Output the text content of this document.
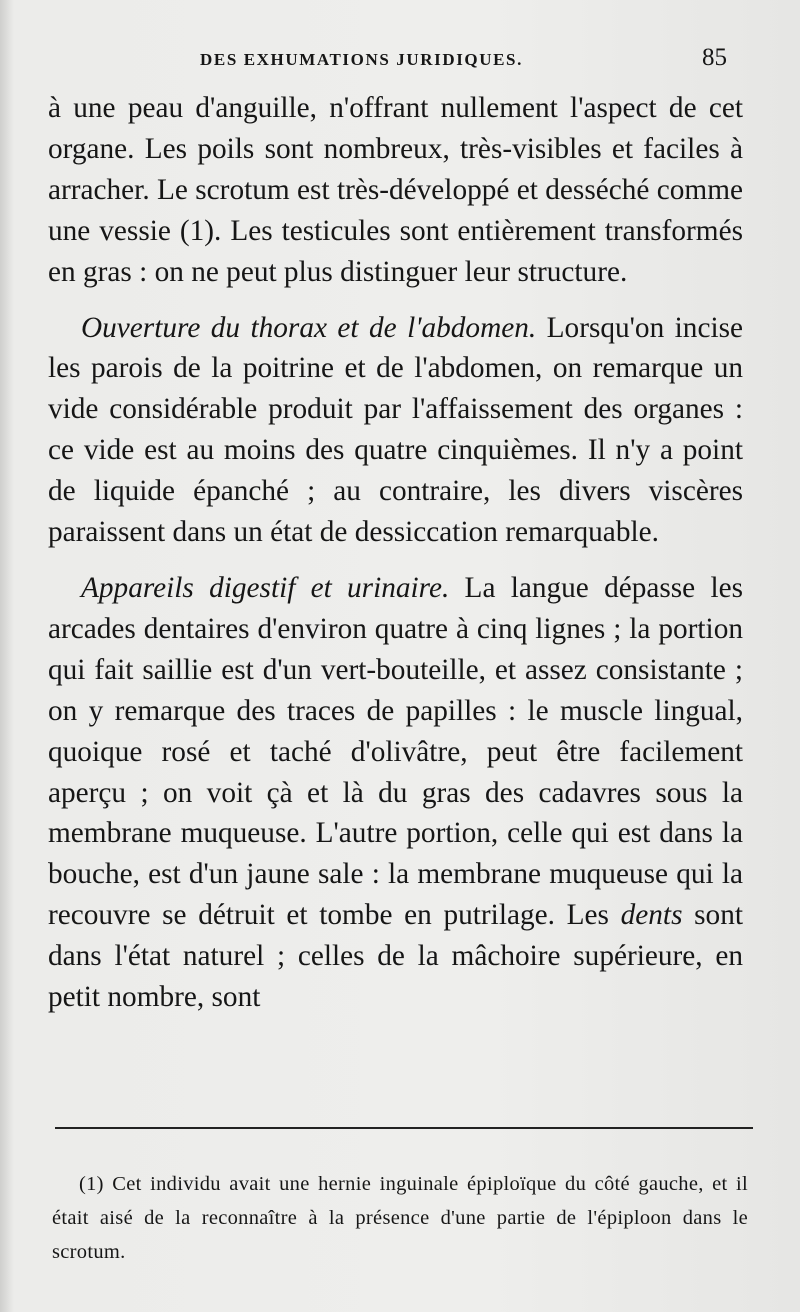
DES EXHUMATIONS JURIDIQUES.	85

à une peau d'anguille, n'offrant nullement l'aspect de cet organe. Les poils sont nombreux, très-visibles et faciles à arracher. Le scrotum est très-développé et desséché comme une vessie (1). Les testicules sont entièrement transformés en gras : on ne peut plus distinguer leur structure.

Ouverture du thorax et de l'abdomen. Lorsqu'on incise les parois de la poitrine et de l'abdomen, on remarque un vide considérable produit par l'affaissement des organes : ce vide est au moins des quatre cinquièmes. Il n'y a point de liquide épanché ; au contraire, les divers viscères paraissent dans un état de dessiccation remarquable.

Appareils digestif et urinaire. La langue dépasse les arcades dentaires d'environ quatre à cinq lignes ; la portion qui fait saillie est d'un vert-bouteille, et assez consistante ; on y remarque des traces de papilles : le muscle lingual, quoique rosé et taché d'olivâtre, peut être facilement aperçu ; on voit çà et là du gras des cadavres sous la membrane muqueuse. L'autre portion, celle qui est dans la bouche, est d'un jaune sale : la membrane muqueuse qui la recouvre se détruit et tombe en putrilage. Les dents sont dans l'état naturel ; celles de la mâchoire supérieure, en petit nombre, sont

(1) Cet individu avait une hernie inguinale épiploïque du côté gauche, et il était aisé de la reconnaître à la présence d'une partie de l'épiploon dans le scrotum.
